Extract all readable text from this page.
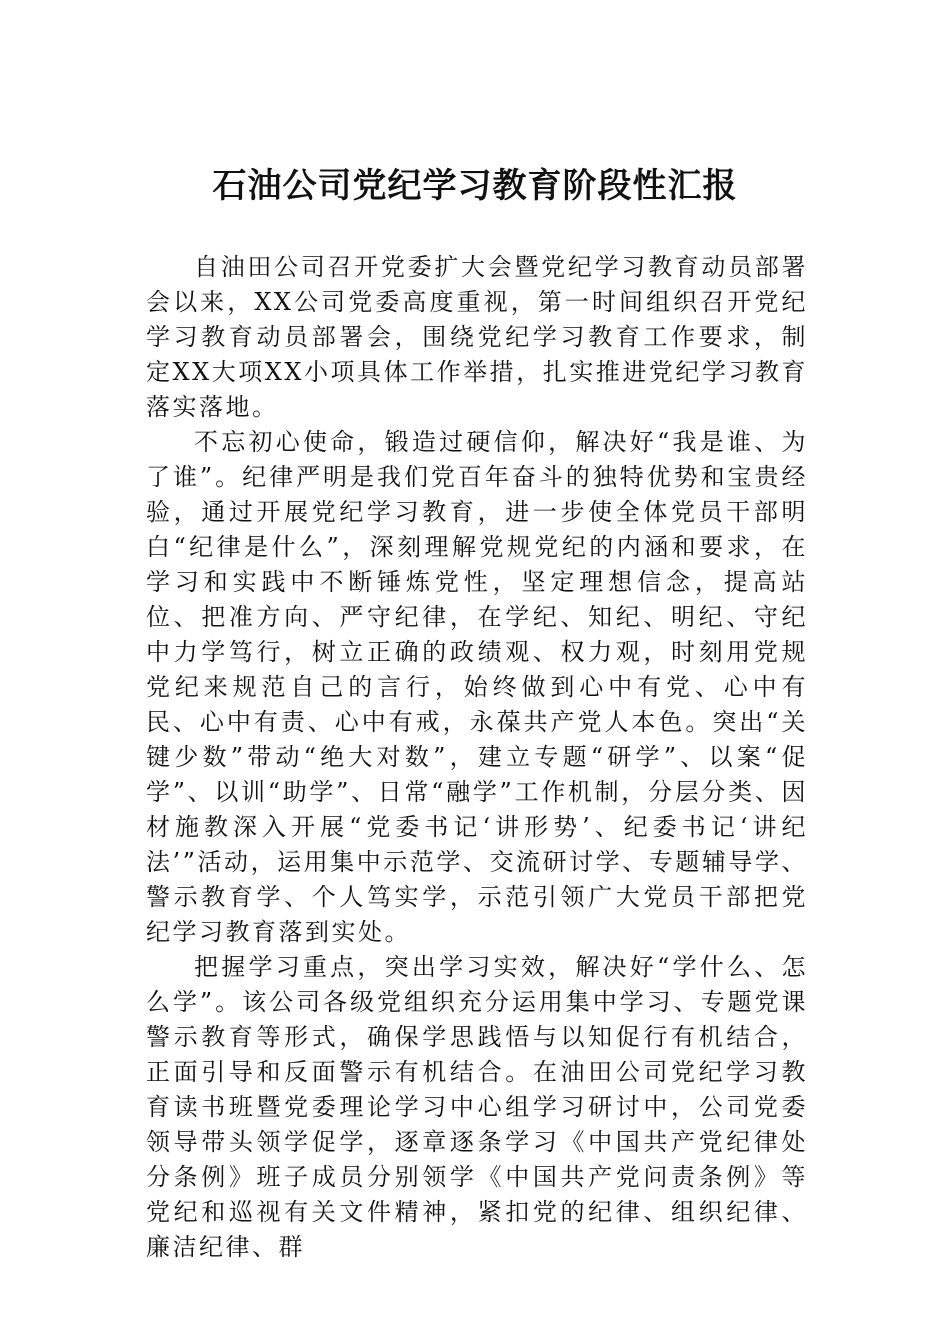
石油公司党纪学习教育阶段性汇报

自油田公司召开党委扩大会暨党纪学习教育动员部署会以来，XX公司党委高度重视，第一时间组织召开党纪学习教育动员部署会，围绕党纪学习教育工作要求，制定XX大项XX小项具体工作举措，扎实推进党纪学习教育落实落地。

不忘初心使命，锻造过硬信仰，解决好“我是谁、为了谁”。纪律严明是我们党百年奋斗的独特优势和宝贵经验，通过开展党纪学习教育，进一步使全体党员干部明白“纪律是什么”，深刻理解党规党纪的内涵和要求，在学习和实践中不断锤炼党性，坚定理想信念，提高站位、把准方向、严守纪律，在学纪、知纪、明纪、守纪中力学笃行，树立正确的政绩观、权力观，时刻用党规党纪来规范自己的言行，始终做到心中有党、心中有民、心中有责、心中有戒，永葆共产党人本色。突出“关键少数”带动“绝大对数”，建立专题“研学”、以案“促学”、以训“助学”、日常“融学”工作机制，分层分类、因材施教深入开展“党委书记‘讲形势’、纪委书记‘讲纪法’”活动，运用集中示范学、交流研讨学、专题辅导学、警示教育学、个人笃实学，示范引领广大党员干部把党纪学习教育落到实处。

把握学习重点，突出学习实效，解决好“学什么、怎么学”。该公司各级党组织充分运用集中学习、专题党课警示教育等形式，确保学思践悟与以知促行有机结合，正面引导和反面警示有机结合。在油田公司党纪学习教育读书班暨党委理论学习中心组学习研讨中，公司党委领导带头领学促学，逐章逐条学习《中国共产党纪律处分条例》班子成员分别领学《中国共产党问责条例》等党纪和巡视有关文件精神，紧扣党的纪律、组织纪律、廉洁纪律、群
